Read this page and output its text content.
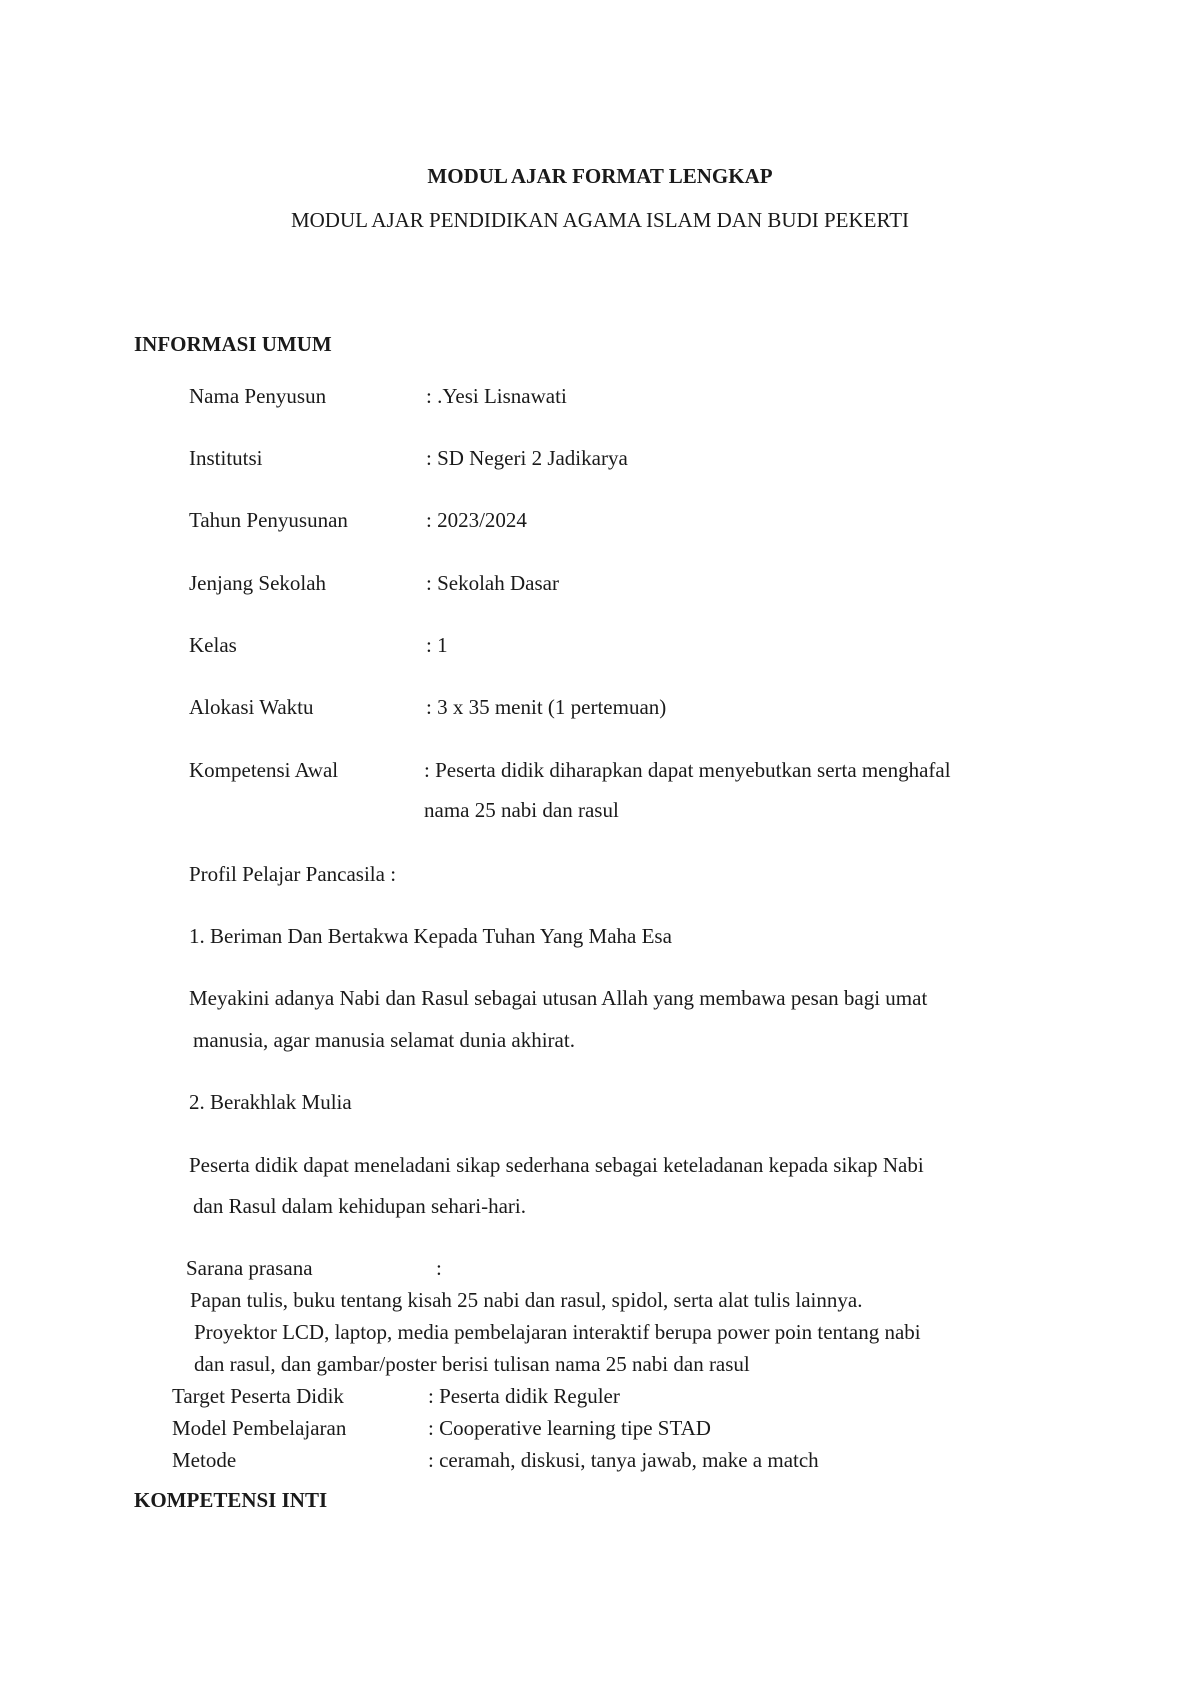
MODUL AJAR FORMAT LENGKAP
MODUL AJAR PENDIDIKAN AGAMA ISLAM DAN BUDI PEKERTI
INFORMASI UMUM
Nama Penyusun	: .Yesi Lisnawati
Institutsi	: SD Negeri 2 Jadikarya
Tahun Penyusunan	: 2023/2024
Jenjang Sekolah	: Sekolah Dasar
Kelas	: 1
Alokasi Waktu	: 3 x 35 menit (1 pertemuan)
Kompetensi Awal	: Peserta didik diharapkan dapat menyebutkan serta menghafal
nama 25 nabi dan rasul
Profil Pelajar Pancasila :
1. Beriman Dan Bertakwa Kepada Tuhan Yang Maha Esa
Meyakini adanya Nabi dan Rasul sebagai utusan Allah yang membawa pesan bagi umat
manusia, agar manusia selamat dunia akhirat.
2. Berakhlak Mulia
Peserta didik dapat meneladani sikap sederhana sebagai keteladanan kepada sikap Nabi
dan Rasul dalam kehidupan sehari-hari.
Sarana prasana	:
Papan tulis, buku tentang kisah 25 nabi dan rasul, spidol, serta alat tulis lainnya.
Proyektor LCD, laptop, media pembelajaran interaktif berupa power poin tentang nabi
dan rasul, dan gambar/poster berisi tulisan nama 25 nabi dan rasul
Target Peserta Didik	: Peserta didik Reguler
Model Pembelajaran	: Cooperative learning tipe STAD
Metode	: ceramah, diskusi, tanya jawab, make a match
KOMPETENSI INTI
